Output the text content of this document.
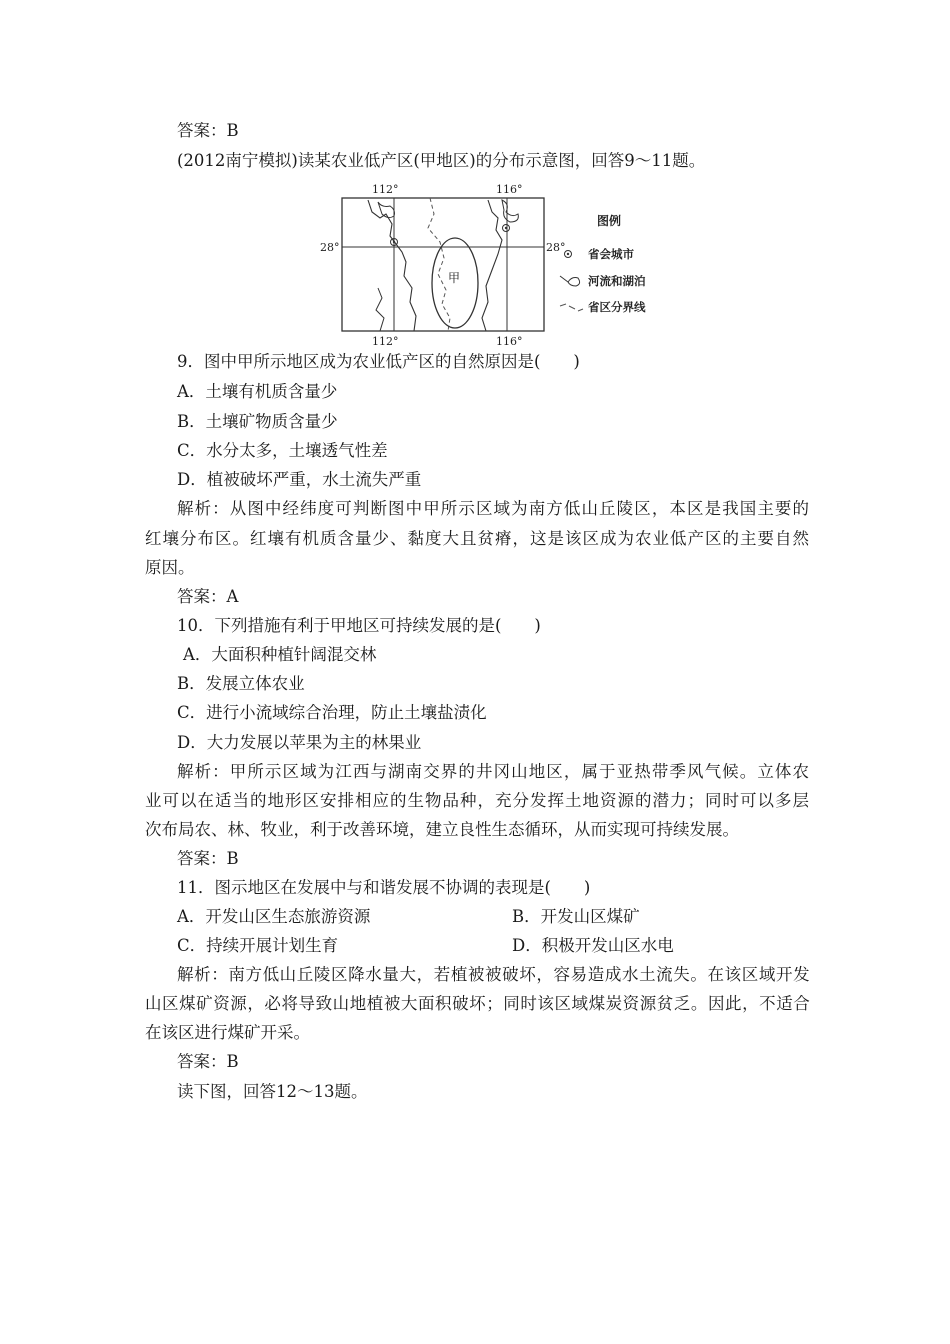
答案：B
(2012南宁模拟)读某农业低产区(甲地区)的分布示意图，回答9～11题。
112°	116°
112°	116°
28°	28°
甲
图例
省会城市
河流和湖泊
省区分界线
9．图中甲所示地区成为农业低产区的自然原因是(　　)
A．土壤有机质含量少
B．土壤矿物质含量少
C．水分太多，土壤透气性差
D．植被破坏严重，水土流失严重
解析：从图中经纬度可判断图中甲所示区域为南方低山丘陵区，本区是我国主要的
红壤分布区。红壤有机质含量少、黏度大且贫瘠，这是该区成为农业低产区的主要自然
原因。
答案：A
10．下列措施有利于甲地区可持续发展的是(　　)
A．大面积种植针阔混交林
B．发展立体农业
C．进行小流域综合治理，防止土壤盐渍化
D．大力发展以苹果为主的林果业
解析：甲所示区域为江西与湖南交界的井冈山地区，属于亚热带季风气候。立体农
业可以在适当的地形区安排相应的生物品种，充分发挥土地资源的潜力；同时可以多层
次布局农、林、牧业，利于改善环境，建立良性生态循环，从而实现可持续发展。
答案：B
11．图示地区在发展中与和谐发展不协调的表现是(　　)
A．开发山区生态旅游资源	B．开发山区煤矿
C．持续开展计划生育	D．积极开发山区水电
解析：南方低山丘陵区降水量大，若植被被破坏，容易造成水土流失。在该区域开发
山区煤矿资源，必将导致山地植被大面积破坏；同时该区域煤炭资源贫乏。因此，不适合
在该区进行煤矿开采。
答案：B
读下图，回答12～13题。
